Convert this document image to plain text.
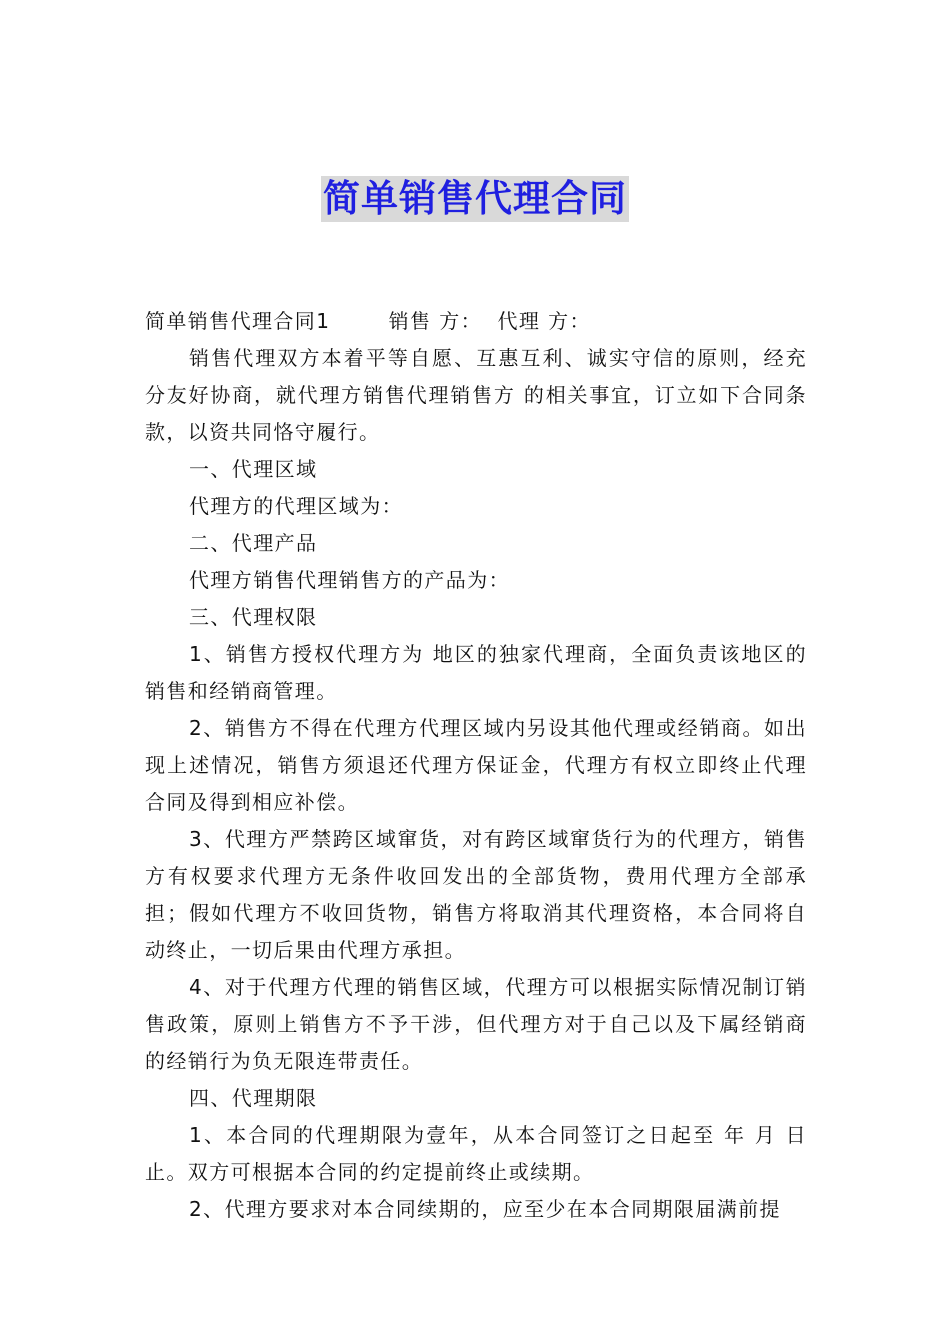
简单销售代理合同

简单销售代理合同1　　  销售 方：  代理 方：

销售代理双方本着平等自愿、互惠互利、诚实守信的原则，经充分友好协商，就代理方销售代理销售方 的相关事宜，订立如下合同条款，以资共同恪守履行。

一、代理区域

代理方的代理区域为：

二、代理产品

代理方销售代理销售方的产品为：

三、代理权限

1、销售方授权代理方为 地区的独家代理商，全面负责该地区的销售和经销商管理。

2、销售方不得在代理方代理区域内另设其他代理或经销商。如出现上述情况，销售方须退还代理方保证金，代理方有权立即终止代理合同及得到相应补偿。

3、代理方严禁跨区域窜货，对有跨区域窜货行为的代理方，销售方有权要求代理方无条件收回发出的全部货物，费用代理方全部承担；假如代理方不收回货物，销售方将取消其代理资格，本合同将自动终止，一切后果由代理方承担。

4、对于代理方代理的销售区域，代理方可以根据实际情况制订销售政策，原则上销售方不予干涉，但代理方对于自己以及下属经销商的经销行为负无限连带责任。

四、代理期限

1、本合同的代理期限为壹年，从本合同签订之日起至 年 月 日止。双方可根据本合同的约定提前终止或续期。

2、代理方要求对本合同续期的，应至少在本合同期限届满前提
